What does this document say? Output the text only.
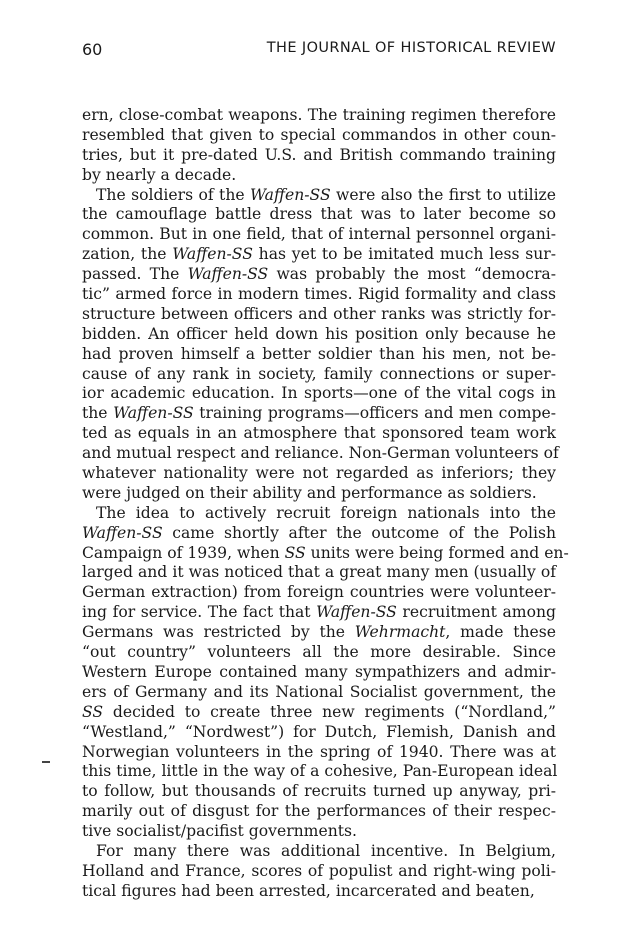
60	THE JOURNAL OF HISTORICAL REVIEW
ern, close-combat weapons. The training regimen therefore
resembled that given to special commandos in other coun-
tries, but it pre-dated U.S. and British commando training
by nearly a decade.
The soldiers of the Waffen-SS were also the first to utilize
the camouflage battle dress that was to later become so
common. But in one field, that of internal personnel organi-
zation, the Waffen-SS has yet to be imitated much less sur-
passed. The Waffen-SS was probably the most “democra-
tic” armed force in modern times. Rigid formality and class
structure between officers and other ranks was strictly for-
bidden. An officer held down his position only because he
had proven himself a better soldier than his men, not be-
cause of any rank in society, family connections or super-
ior academic education. In sports—one of the vital cogs in
the Waffen-SS training programs—officers and men compe-
ted as equals in an atmosphere that sponsored team work
and mutual respect and reliance. Non-German volunteers of
whatever nationality were not regarded as inferiors; they
were judged on their ability and performance as soldiers.
The idea to actively recruit foreign nationals into the
Waffen-SS came shortly after the outcome of the Polish
Campaign of 1939, when SS units were being formed and en-
larged and it was noticed that a great many men (usually of
German extraction) from foreign countries were volunteer-
ing for service. The fact that Waffen-SS recruitment among
Germans was restricted by the Wehrmacht, made these
“out country” volunteers all the more desirable. Since
Western Europe contained many sympathizers and admir-
ers of Germany and its National Socialist government, the
SS decided to create three new regiments (“Nordland,”
“Westland,” “Nordwest”) for Dutch, Flemish, Danish and
Norwegian volunteers in the spring of 1940. There was at
this time, little in the way of a cohesive, Pan-European ideal
to follow, but thousands of recruits turned up anyway, pri-
marily out of disgust for the performances of their respec-
tive socialist/pacifist governments.
For many there was additional incentive. In Belgium,
Holland and France, scores of populist and right-wing poli-
tical figures had been arrested, incarcerated and beaten,
